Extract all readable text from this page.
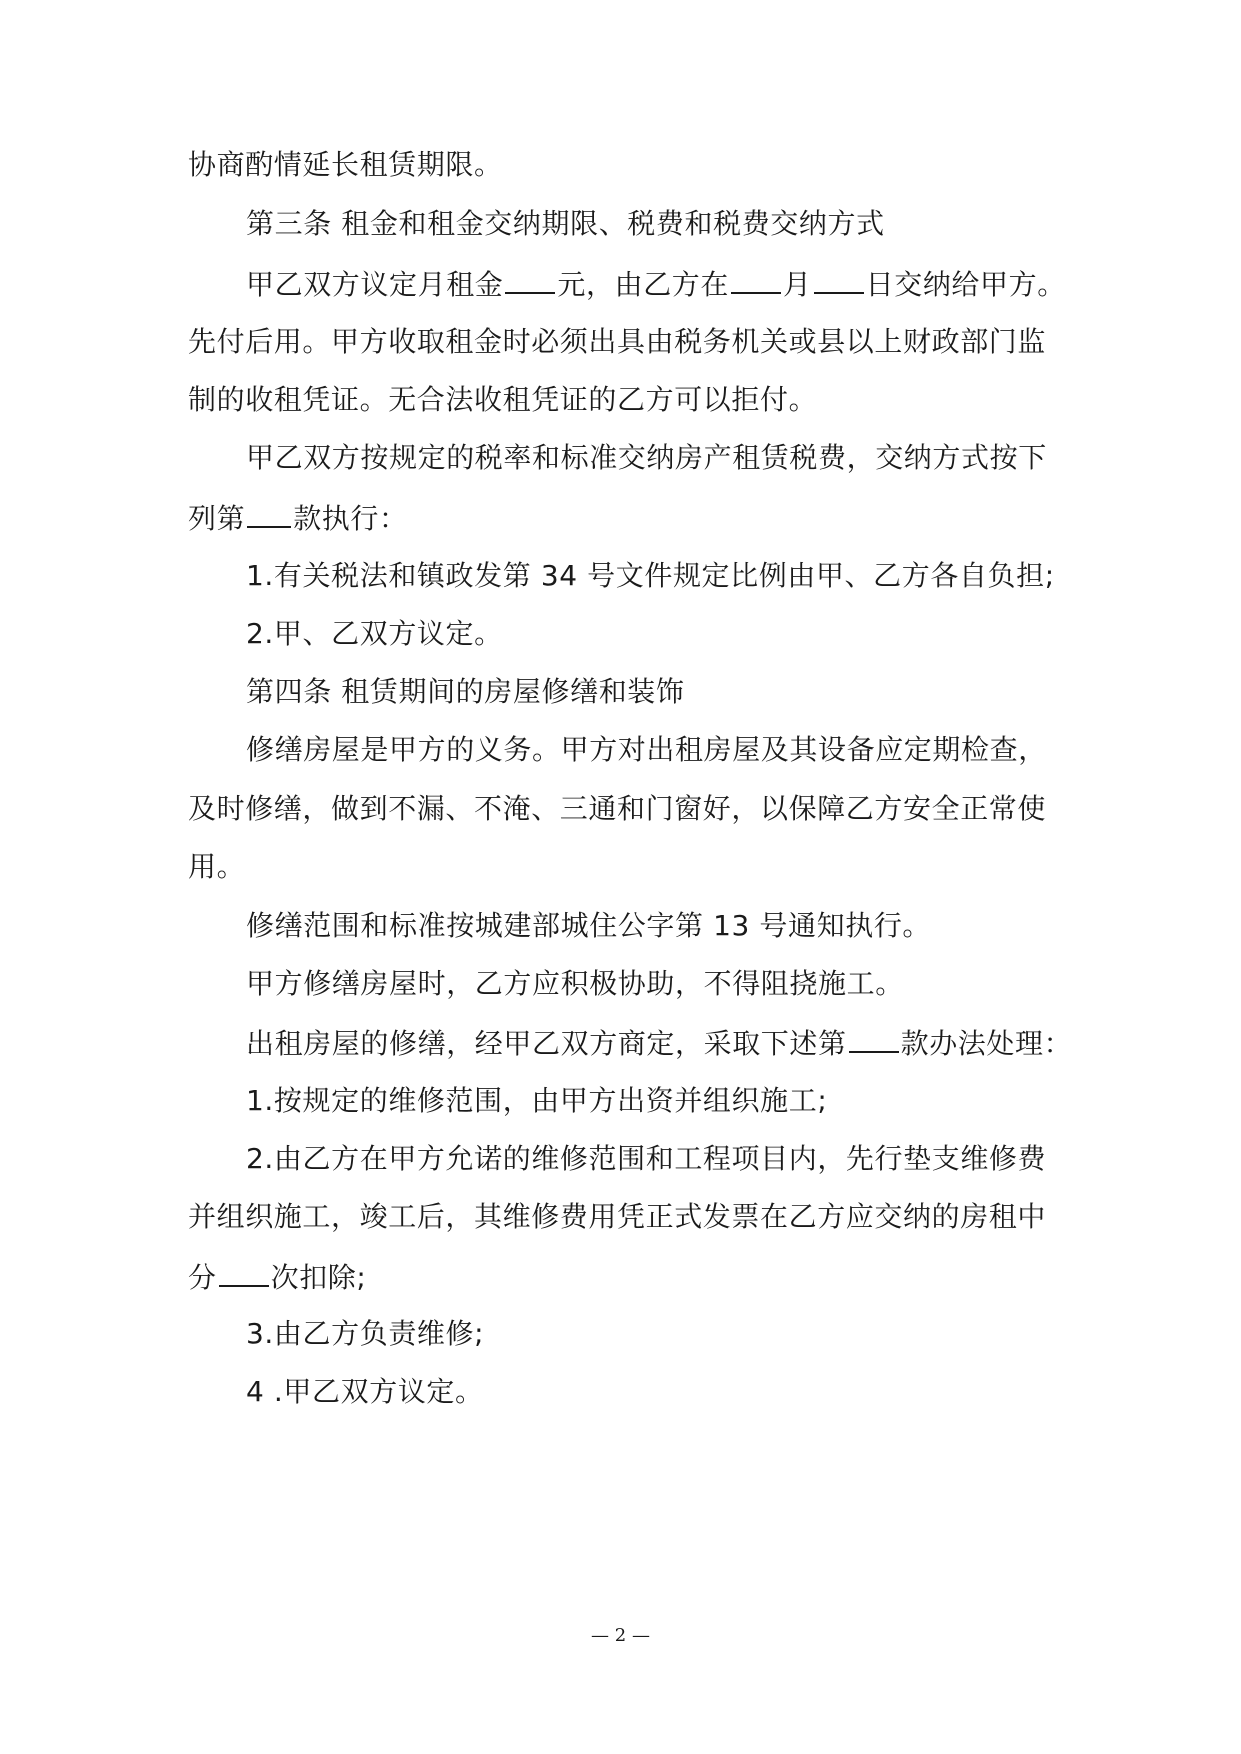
协商酌情延长租赁期限。
第三条 租金和租金交纳期限、税费和税费交纳方式
甲乙双方议定月租金 元，由乙方在 月 日交纳给甲方。
先付后用。甲方收取租金时必须出具由税务机关或县以上财政部门监
制的收租凭证。无合法收租凭证的乙方可以拒付。
甲乙双方按规定的税率和标准交纳房产租赁税费，交纳方式按下
列第 款执行：
1.有关税法和镇政发第 34 号文件规定比例由甲、乙方各自负担;
2.甲、乙双方议定。
第四条 租赁期间的房屋修缮和装饰
修缮房屋是甲方的义务。甲方对出租房屋及其设备应定期检查，
及时修缮，做到不漏、不淹、三通和门窗好，以保障乙方安全正常使
用。
修缮范围和标准按城建部城住公字第 13 号通知执行。
甲方修缮房屋时，乙方应积极协助，不得阻挠施工。
出租房屋的修缮，经甲乙双方商定，采取下述第 款办法处理：
1.按规定的维修范围，由甲方出资并组织施工;
2.由乙方在甲方允诺的维修范围和工程项目内，先行垫支维修费
并组织施工，竣工后，其维修费用凭正式发票在乙方应交纳的房租中
分 次扣除;
3.由乙方负责维修;
4 .甲乙双方议定。
— 2 —
